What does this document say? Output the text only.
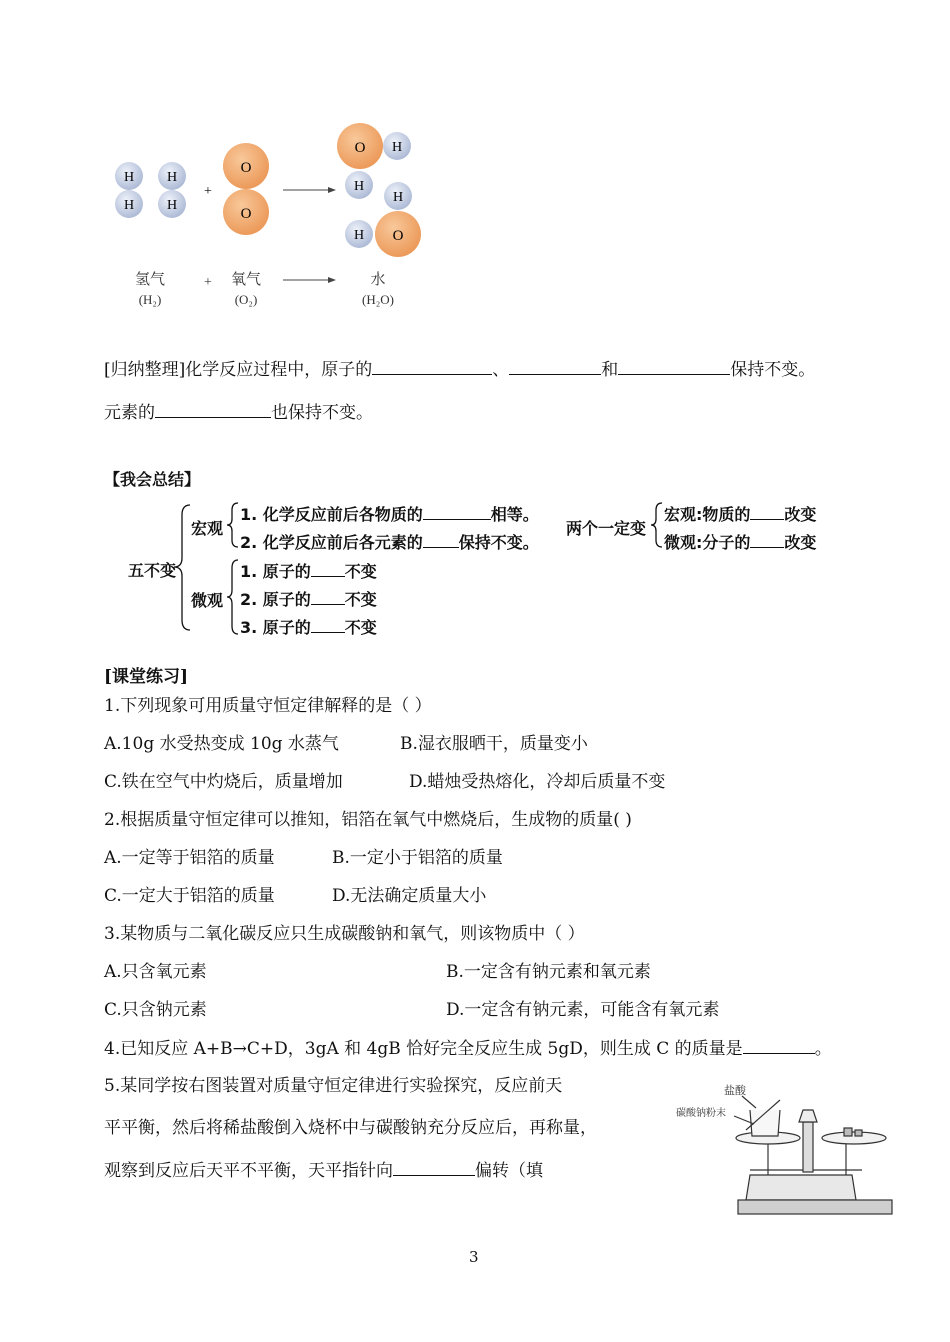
H
H
H
H
+
O
O
O H
H
H
H O
氢气
(H₂)
+ 氧气
(O₂)
水
(H₂O)
[归纳整理]化学反应过程中，原子的	、	和	保持不变。
元素的	也保持不变。
【我会总结】
五不变
宏观
微观
1. 化学反应前后各物质的	相等。
2. 化学反应前后各元素的 保持不变。
1. 原子的 不变
2. 原子的 不变
3. 原子的 不变
两个一定变
宏观:物质的 改变
微观:分子的 改变
[课堂练习]
1.下列现象可用质量守恒定律解释的是（ ）
A.10g 水受热变成 10g 水蒸气	B.湿衣服晒干，质量变小
C.铁在空气中灼烧后，质量增加	D.蜡烛受热熔化，冷却后质量不变
2.根据质量守恒定律可以推知，铝箔在氧气中燃烧后，生成物的质量( )
A.一定等于铝箔的质量	B.一定小于铝箔的质量
C.一定大于铝箔的质量	D.无法确定质量大小
3.某物质与二氧化碳反应只生成碳酸钠和氧气，则该物质中（ ）
A.只含氧元素	B.一定含有钠元素和氧元素
C.只含钠元素	D.一定含有钠元素，可能含有氧元素
4.已知反应 A+B→C+D，3gA 和 4gB 恰好完全反应生成 5gD，则生成 C 的质量是	。
5.某同学按右图装置对质量守恒定律进行实验探究，反应前天
平平衡，然后将稀盐酸倒入烧杯中与碳酸钠充分反应后，再称量，
观察到反应后天平不平衡，天平指针向	偏转（填
盐酸
碳酸钠粉末
3
